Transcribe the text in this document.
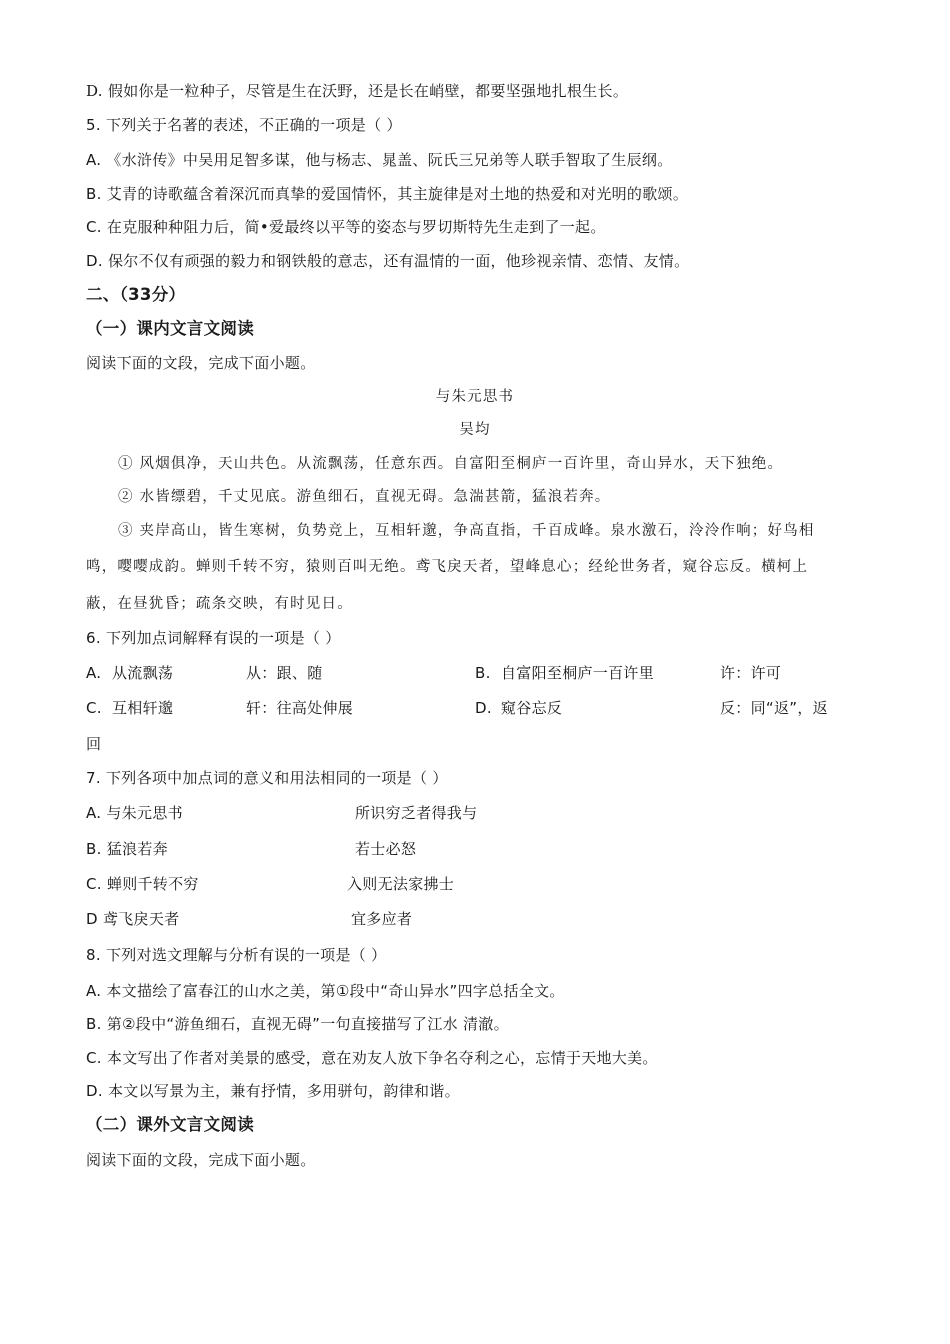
D. 假如你是一粒种子，尽管是生在沃野，还是长在峭壁，都要坚强地扎根生长。
5. 下列关于名著的表述，不正确的一项是（ ）
A. 《水浒传》中吴用足智多谋，他与杨志、晁盖、阮氏三兄弟等人联手智取了生辰纲。
B. 艾青的诗歌蕴含着深沉而真挚的爱国情怀，其主旋律是对土地的热爱和对光明的歌颂。
C. 在克服种种阻力后，简•爱最终以平等的姿态与罗切斯特先生走到了一起。
D. 保尔不仅有顽强的毅力和钢铁般的意志，还有温情的一面，他珍视亲情、恋情、友情。
二、（33分）
（一）课内文言文阅读
阅读下面的文段，完成下面小题。
与朱元思书
吴均
① 风烟俱净，天山共色。从流飘荡，任意东西。自富阳至桐庐一百许里，奇山异水，天下独绝。
② 水皆缥碧，千丈见底。游鱼细石，直视无碍。急湍甚箭，猛浪若奔。
③ 夹岸高山，皆生寒树，负势竞上，互相轩邈，争高直指，千百成峰。泉水激石，泠泠作响；好鸟相
鸣，嘤嘤成韵。蝉则千转不穷，猿则百叫无绝。鸢飞戾天者，望峰息心；经纶世务者，窥谷忘反。横柯上
蔽，在昼犹昏；疏条交映，有时见日。
6. 下列加点词解释有误的一项是（ ）
A. 从流飘荡	从：跟、随	B. 自富阳至桐庐一百许里	许：许可
C. 互相轩邈	轩：往高处伸展	D. 窥谷忘反	反：同“返”，返
回
7. 下列各项中加点词的意义和用法相同的一项是（ ）
A. 与朱元思书	所识穷乏者得我与
B. 猛浪若奔	若士必怒
C. 蝉则千转不穷	入则无法家拂士
D 鸢飞戾天者	宜多应者
8. 下列对选文理解与分析有误的一项是（ ）
A. 本文描绘了富春江的山水之美，第①段中“奇山异水”四字总括全文。
B. 第②段中“游鱼细石，直视无碍”一句直接描写了江水 清澈。
C. 本文写出了作者对美景的感受，意在劝友人放下争名夺利之心，忘情于天地大美。
D. 本文以写景为主，兼有抒情，多用骈句，韵律和谐。
（二）课外文言文阅读
阅读下面的文段，完成下面小题。
